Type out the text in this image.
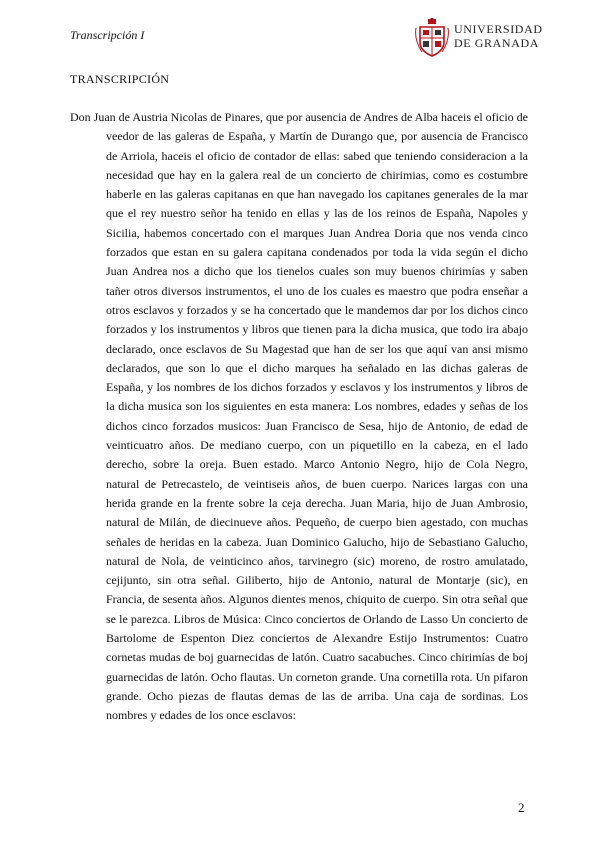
Transcripción I	UNIVERSIDAD
DE GRANADA
TRANSCRIPCIÓN
Don Juan de Austria Nicolas de Pinares, que por ausencia de Andres de Alba haceis el oficio de veedor de las galeras de España, y Martín de Durango que, por ausencia de Francisco de Arriola, haceis el oficio de contador de ellas: sabed que teniendo consideracion a la necesidad que hay en la galera real de un concierto de chirimias, como es costumbre haberle en las galeras capitanas en que han navegado los capitanes generales de la mar que el rey nuestro señor ha tenido en ellas y las de los reinos de España, Napoles y Sicilia, habemos concertado con el marques Juan Andrea Doria que nos venda cinco forzados que estan en su galera capitana condenados por toda la vida según el dicho Juan Andrea nos a dicho que los tienelos cuales son muy buenos chirimías y saben tañer otros diversos instrumentos, el uno de los cuales es maestro que podra enseñar a otros esclavos y forzados y se ha concertado que le mandemos dar por los dichos cinco forzados y los instrumentos y libros que tienen para la dicha musica, que todo ira abajo declarado, once esclavos de Su Magestad que han de ser los que aquí van ansi mismo declarados, que son lo que el dicho marques ha señalado en las dichas galeras de España, y los nombres de los dichos forzados y esclavos y los instrumentos y libros de la dicha musica son los siguientes en esta manera: Los nombres, edades y señas de los dichos cinco forzados musicos: Juan Francisco de Sesa, hijo de Antonio, de edad de veinticuatro años. De mediano cuerpo, con un piquetillo en la cabeza, en el lado derecho, sobre la oreja. Buen estado. Marco Antonio Negro, hijo de Cola Negro, natural de Petrecastelo, de veintiseis años, de buen cuerpo. Narices largas con una herida grande en la frente sobre la ceja derecha. Juan Maria, hijo de Juan Ambrosio, natural de Milán, de diecinueve años. Pequeño, de cuerpo bien agestado, con muchas señales de heridas en la cabeza. Juan Dominico Galucho, hijo de Sebastiano Galucho, natural de Nola, de veinticinco años, tarvinegro (sic) moreno, de rostro amulatado, cejijunto, sin otra señal. Giliberto, hijo de Antonio, natural de Montarje (sic), en Francia, de sesenta años. Algunos dientes menos, chiquito de cuerpo. Sin otra señal que se le parezca. Libros de Música: Cinco conciertos de Orlando de Lasso Un concierto de Bartolome de Espenton Diez conciertos de Alexandre Estijo Instrumentos: Cuatro cornetas mudas de boj guarnecidas de latón. Cuatro sacabuches. Cinco chirimías de boj guarnecidas de latón. Ocho flautas. Un corneton grande. Una cornetilla rota. Un pifaron grande. Ocho piezas de flautas demas de las de arriba. Una caja de sordinas. Los nombres y edades de los once esclavos:
2
